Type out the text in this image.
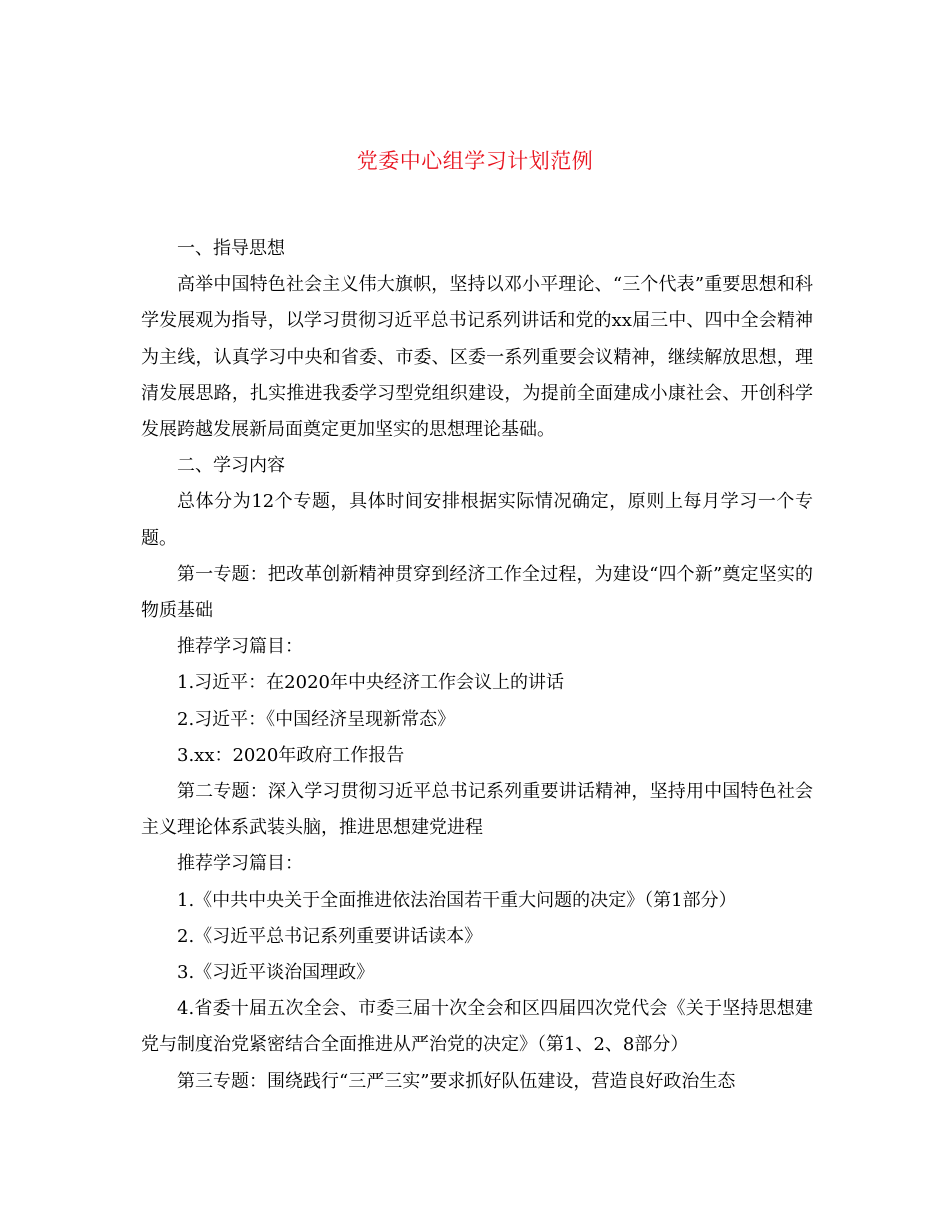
党委中心组学习计划范例

一、指导思想

高举中国特色社会主义伟大旗帜，坚持以邓小平理论、“三个代表”重要思想和科学发展观为指导，以学习贯彻习近平总书记系列讲话和党的xx届三中、四中全会精神为主线，认真学习中央和省委、市委、区委一系列重要会议精神，继续解放思想，理清发展思路，扎实推进我委学习型党组织建设，为提前全面建成小康社会、开创科学发展跨越发展新局面奠定更加坚实的思想理论基础。

二、学习内容

总体分为12个专题，具体时间安排根据实际情况确定，原则上每月学习一个专题。

第一专题：把改革创新精神贯穿到经济工作全过程，为建设“四个新”奠定坚实的物质基础

推荐学习篇目：

1.习近平：在2020年中央经济工作会议上的讲话

2.习近平：《中国经济呈现新常态》

3.xx：2020年政府工作报告

第二专题：深入学习贯彻习近平总书记系列重要讲话精神，坚持用中国特色社会主义理论体系武装头脑，推进思想建党进程

推荐学习篇目：

1.《中共中央关于全面推进依法治国若干重大问题的决定》（第1部分）

2.《习近平总书记系列重要讲话读本》

3.《习近平谈治国理政》

4.省委十届五次全会、市委三届十次全会和区四届四次党代会《关于坚持思想建党与制度治党紧密结合全面推进从严治党的决定》（第1、2、8部分）

第三专题：围绕践行“三严三实”要求抓好队伍建设，营造良好政治生态
